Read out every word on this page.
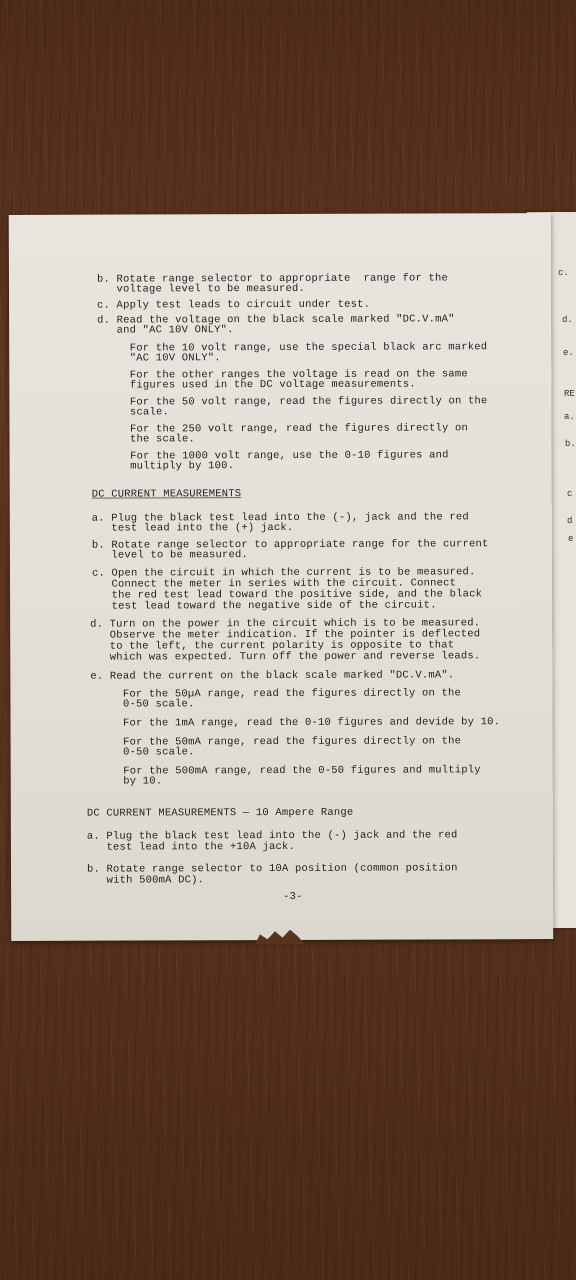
c.
d.
e.
RE
a.
b.
c
d
e
b. Rotate range selector to appropriate  range for the
voltage level to be measured.
c. Apply test leads to circuit under test.
d. Read the voltage on the black scale marked "DC.V.mA"
and "AC 10V ONLY".
For the 10 volt range, use the special black arc marked
"AC 10V ONLY".
For the other ranges the voltage is read on the same
figures used in the DC voltage measurements.
For the 50 volt range, read the figures directly on the
scale.
For the 250 volt range, read the figures directly on
the scale.
For the 1000 volt range, use the 0-10 figures and
multiply by 100.
DC CURRENT MEASUREMENTS
a. Plug the black test lead into the (-), jack and the red
test lead into the (+) jack.
b. Rotate range selector to appropriate range for the current
level to be measured.
c. Open the circuit in which the current is to be measured.
Connect the meter in series with the circuit. Connect
the red test lead toward the positive side, and the black
test lead toward the negative side of the circuit.
d. Turn on the power in the circuit which is to be measured.
Observe the meter indication. If the pointer is deflected
to the left, the current polarity is opposite to that
which was expected. Turn off the power and reverse leads.
e. Read the current on the black scale marked "DC.V.mA".
For the 50µA range, read the figures directly on the
0-50 scale.
For the 1mA range, read the 0-10 figures and devide by 10.
For the 50mA range, read the figures directly on the
0-50 scale.
For the 500mA range, read the 0-50 figures and multiply
by 10.
DC CURRENT MEASUREMENTS — 10 Ampere Range
a. Plug the black test lead into the (-) jack and the red
test lead into the +10A jack.
b. Rotate range selector to 10A position (common position
with 500mA DC).
-3-
